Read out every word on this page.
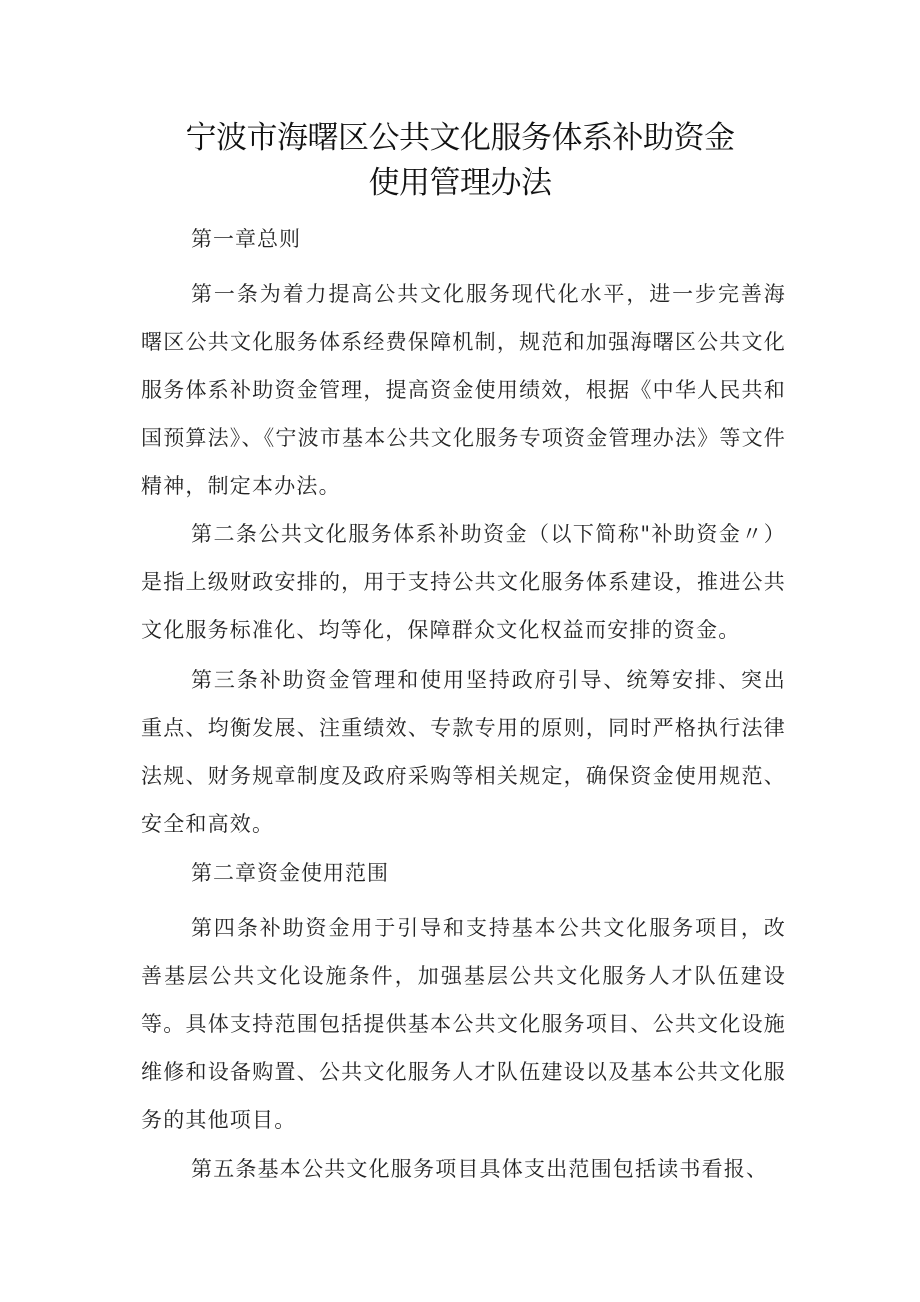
宁波市海曙区公共文化服务体系补助资金
使用管理办法

第一章总则

第一条为着力提高公共文化服务现代化水平，进一步完善海曙区公共文化服务体系经费保障机制，规范和加强海曙区公共文化服务体系补助资金管理，提高资金使用绩效，根据《中华人民共和国预算法》、《宁波市基本公共文化服务专项资金管理办法》等文件精神，制定本办法。

第二条公共文化服务体系补助资金（以下简称"补助资金〃）是指上级财政安排的，用于支持公共文化服务体系建设，推进公共文化服务标准化、均等化，保障群众文化权益而安排的资金。

第三条补助资金管理和使用坚持政府引导、统筹安排、突出重点、均衡发展、注重绩效、专款专用的原则，同时严格执行法律法规、财务规章制度及政府采购等相关规定，确保资金使用规范、安全和高效。

第二章资金使用范围

第四条补助资金用于引导和支持基本公共文化服务项目，改善基层公共文化设施条件，加强基层公共文化服务人才队伍建设等。具体支持范围包括提供基本公共文化服务项目、公共文化设施维修和设备购置、公共文化服务人才队伍建设以及基本公共文化服务的其他项目。

第五条基本公共文化服务项目具体支出范围包括读书看报、
